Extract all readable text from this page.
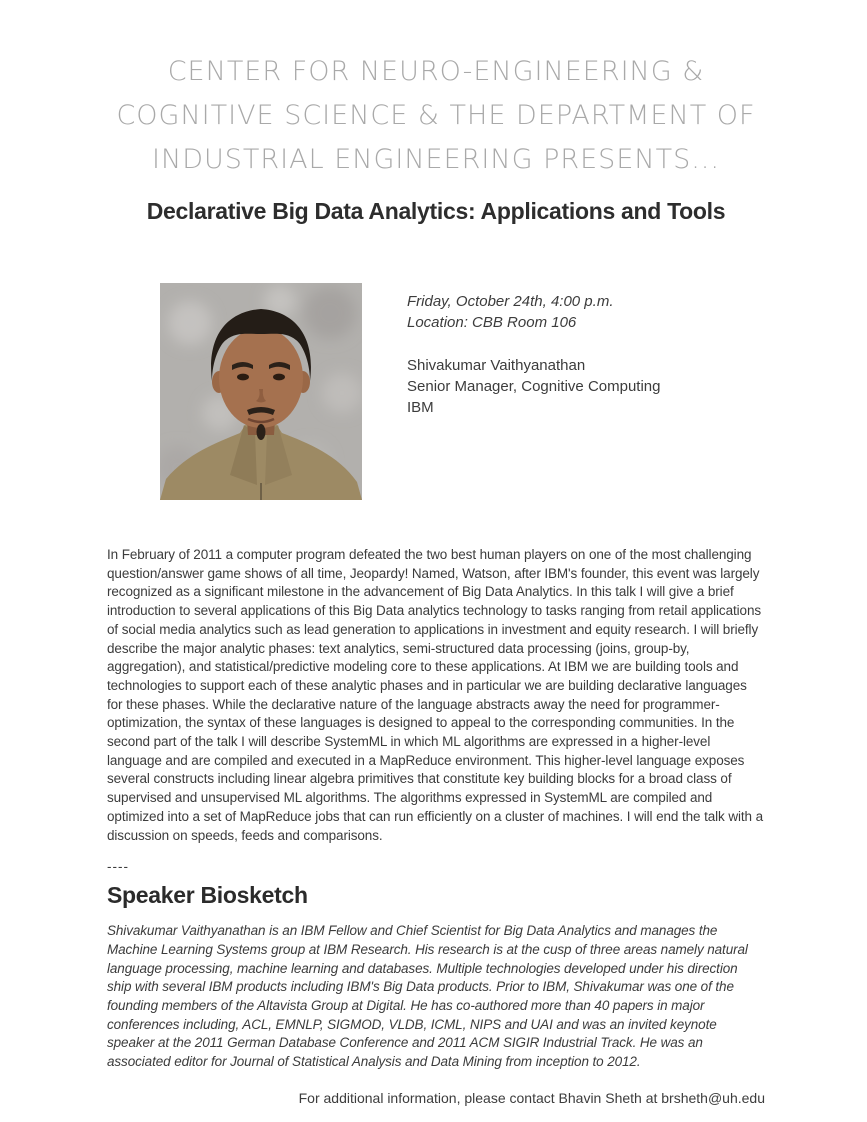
CENTER FOR NEURO-ENGINEERING &
COGNITIVE SCIENCE & THE DEPARTMENT OF
INDUSTRIAL ENGINEERING PRESENTS...
Declarative Big Data Analytics: Applications and Tools

Friday, October 24th, 4:00 p.m.

Location: CBB Room 106

Shivakumar Vaithyanathan

Senior Manager, Cognitive Computing

IBM

In February of 2011 a computer program defeated the two best human players on one of the most challenging question/answer game shows of all time, Jeopardy! Named, Watson, after IBM's founder, this event was largely recognized as a significant milestone in the advancement of Big Data Analytics. In this talk I will give a brief introduction to several applications of this Big Data analytics technology to tasks ranging from retail applications of social media analytics such as lead generation to applications in investment and equity research. I will briefly describe the major analytic phases: text analytics, semi-structured data processing (joins, group-by, aggregation), and statistical/predictive modeling core to these applications. At IBM we are building tools and technologies to support each of these analytic phases and in particular we are building declarative languages for these phases. While the declarative nature of the language abstracts away the need for programmer-optimization, the syntax of these languages is designed to appeal to the corresponding communities. In the second part of the talk I will describe SystemML in which ML algorithms are expressed in a higher-level language and are compiled and executed in a MapReduce environment. This higher-level language exposes several constructs including linear algebra primitives that constitute key building blocks for a broad class of supervised and unsupervised ML algorithms. The algorithms expressed in SystemML are compiled and optimized into a set of MapReduce jobs that can run efficiently on a cluster of machines. I will end the talk with a discussion on speeds, feeds and comparisons.

----
Speaker Biosketch

Shivakumar Vaithyanathan is an IBM Fellow and Chief Scientist for Big Data Analytics and manages the Machine Learning Systems group at IBM Research. His research is at the cusp of three areas namely natural language processing, machine learning and databases. Multiple technologies developed under his direction ship with several IBM products including IBM's Big Data products. Prior to IBM, Shivakumar was one of the founding members of the Altavista Group at Digital. He has co-authored more than 40 papers in major conferences including, ACL, EMNLP, SIGMOD, VLDB, ICML, NIPS and UAI and was an invited keynote speaker at the 2011 German Database Conference and 2011 ACM SIGIR Industrial Track. He was an associated editor for Journal of Statistical Analysis and Data Mining from inception to 2012.

For additional information, please contact Bhavin Sheth at brsheth@uh.edu
